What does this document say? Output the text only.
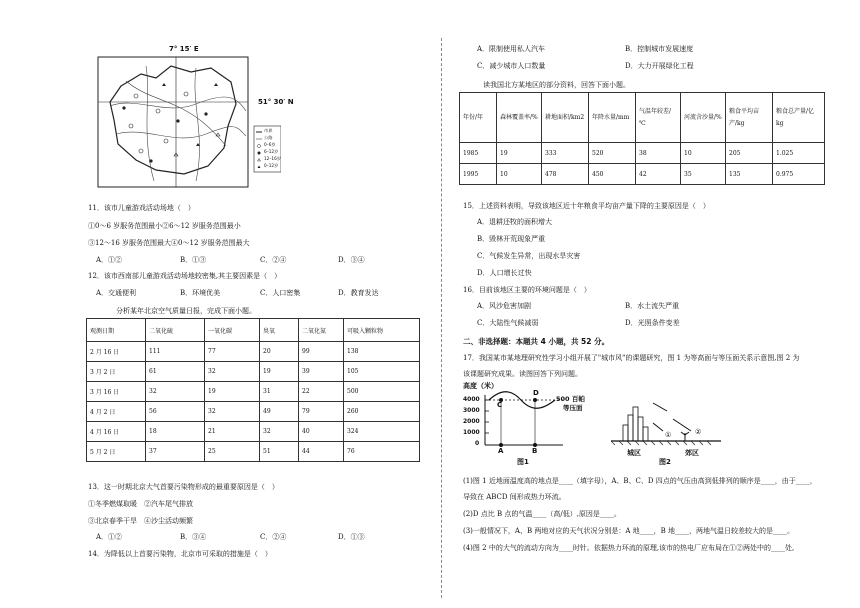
7° 15′ E
51° 30′ N
市界
公路
0–6岁
6–12岁
12–16岁
0–12岁
11．该市儿童游戏活动场地（　）
①0～6 岁服务范围最小②6～12 岁服务范围最小
③12～16 岁服务范围最大④0～12 岁服务范围最大
A．①②	B．①③	C．②④	D．③④
12．该市西南部儿童游戏活动场地较密集,其主要因素是（　）
A．交通便利	B．环境优美	C．人口密集	D．教育发达
分析某年北京空气质量日报，完成下面小题。
观测日期	二氧化硫	一氧化碳	臭氧	二氧化氮	可吸入颗粒物
2 月 16 日	111	77	20	99	138
3 月 2 日	61	32	19	39	105
3 月 16 日	32	19	31	22	500
4 月 2 日	56	32	49	79	260
4 月 16 日	18	21	32	40	324
5 月 2 日	37	25	51	44	76
13．这一时期北京大气首要污染物形成的最重要原因是（　）
①冬季燃煤取暖　②汽车尾气排放
③北京春季干旱　④沙尘活动频繁
A．①②	B．③④	C．②④	D．①③
14．为降低以上首要污染物，北京市可采取的措施是（　）
A．限制使用私人汽车	B．控制城市发展速度
C．减少城市人口数量	D．大力开展绿化工程
读我国北方某地区的部分资料，回答下面小题。
年份/年	森林覆盖率/%	耕地面积/km2	年降水量/mm	气温年较差/℃	河流含沙量/%	粮食平均亩产/kg	粮食总产量/亿 kg
1985	19	333	520	38	10	205	1.025
1995	10	478	450	42	35	135	0.975
15．上述资料表明，导致该地区近十年粮食平均亩产量下降的主要原因是（　）
A．退耕还牧的面积增大
B．毁林开荒现象严重
C．气候发生异常，出现水旱灾害
D．人口增长过快
16．目前该地区主要的环境问题是（　）
A．风沙危害加剧	B．水土流失严重
C．大陆性气候减弱	D．光照条件变差
二、非选择题：本题共 4 小题，共 52 分。
17．我国某市某地理研究性学习小组开展了"城市风"的课题研究，图 1 为等高面与等压面关系示意图,图 2 为
该课题研究成果。读图回答下列问题。
高度（米）
4000
3000
2000
1000
0
C
D
A	B
500 百帕
等压面
图1
①	②
城区	郊区
图2
(1)图 1 近地面温度高的地点是____（填字母），A、B、C、D 四点的气压由高到低排列的顺序是____，由于____，
导致在 ABCD 间形成热力环流。
(2)D 点比 B 点的气温____（高/低）,原因是____。
(3)一般情况下，A、B 两地对应的天气状况分别是：A 地____，B 地____，两地气温日较差较大的是____。
(4)图 2 中的大气的流动方向为____时针。依据热力环流的原理,该市的热电厂应布局在①②两处中的____处,
